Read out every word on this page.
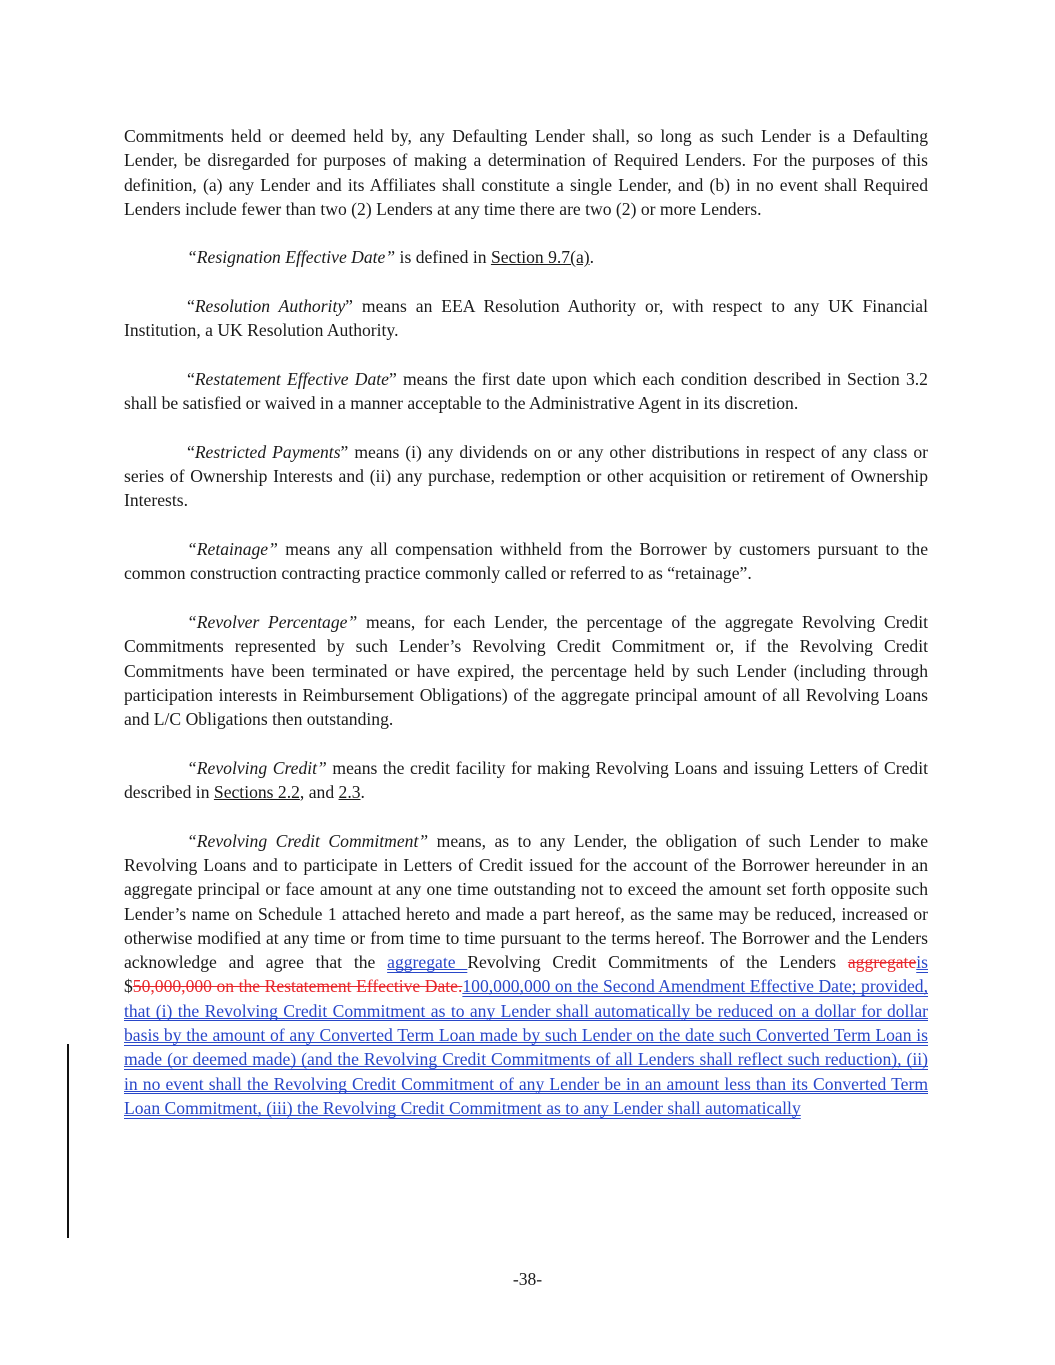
Commitments held or deemed held by, any Defaulting Lender shall, so long as such Lender is a Defaulting Lender, be disregarded for purposes of making a determination of Required Lenders. For the purposes of this definition, (a) any Lender and its Affiliates shall constitute a single Lender, and (b) in no event shall Required Lenders include fewer than two (2) Lenders at any time there are two (2) or more Lenders.

“Resignation Effective Date” is defined in Section 9.7(a).

“Resolution Authority” means an EEA Resolution Authority or, with respect to any UK Financial Institution, a UK Resolution Authority.

“Restatement Effective Date” means the first date upon which each condition described in Section 3.2 shall be satisfied or waived in a manner acceptable to the Administrative Agent in its discretion.

“Restricted Payments” means (i) any dividends on or any other distributions in respect of any class or series of Ownership Interests and (ii) any purchase, redemption or other acquisition or retirement of Ownership Interests.

“Retainage” means any all compensation withheld from the Borrower by customers pursuant to the common construction contracting practice commonly called or referred to as “retainage”.

“Revolver Percentage” means, for each Lender, the percentage of the aggregate Revolving Credit Commitments represented by such Lender’s Revolving Credit Commitment or, if the Revolving Credit Commitments have been terminated or have expired, the percentage held by such Lender (including through participation interests in Reimbursement Obligations) of the aggregate principal amount of all Revolving Loans and L/C Obligations then outstanding.

“Revolving Credit” means the credit facility for making Revolving Loans and issuing Letters of Credit described in Sections 2.2, and 2.3.

“Revolving Credit Commitment” means, as to any Lender, the obligation of such Lender to make Revolving Loans and to participate in Letters of Credit issued for the account of the Borrower hereunder in an aggregate principal or face amount at any one time outstanding not to exceed the amount set forth opposite such Lender’s name on Schedule 1 attached hereto and made a part hereof, as the same may be reduced, increased or otherwise modified at any time or from time to time pursuant to the terms hereof. The Borrower and the Lenders acknowledge and agree that the aggregate Revolving Credit Commitments of the Lenders aggregateis $50,000,000 on the Restatement Effective Date.100,000,000 on the Second Amendment Effective Date; provided, that (i) the Revolving Credit Commitment as to any Lender shall automatically be reduced on a dollar for dollar basis by the amount of any Converted Term Loan made by such Lender on the date such Converted Term Loan is made (or deemed made) (and the Revolving Credit Commitments of all Lenders shall reflect such reduction), (ii) in no event shall the Revolving Credit Commitment of any Lender be in an amount less than its Converted Term Loan Commitment, (iii) the Revolving Credit Commitment as to any Lender shall automatically

-38-
